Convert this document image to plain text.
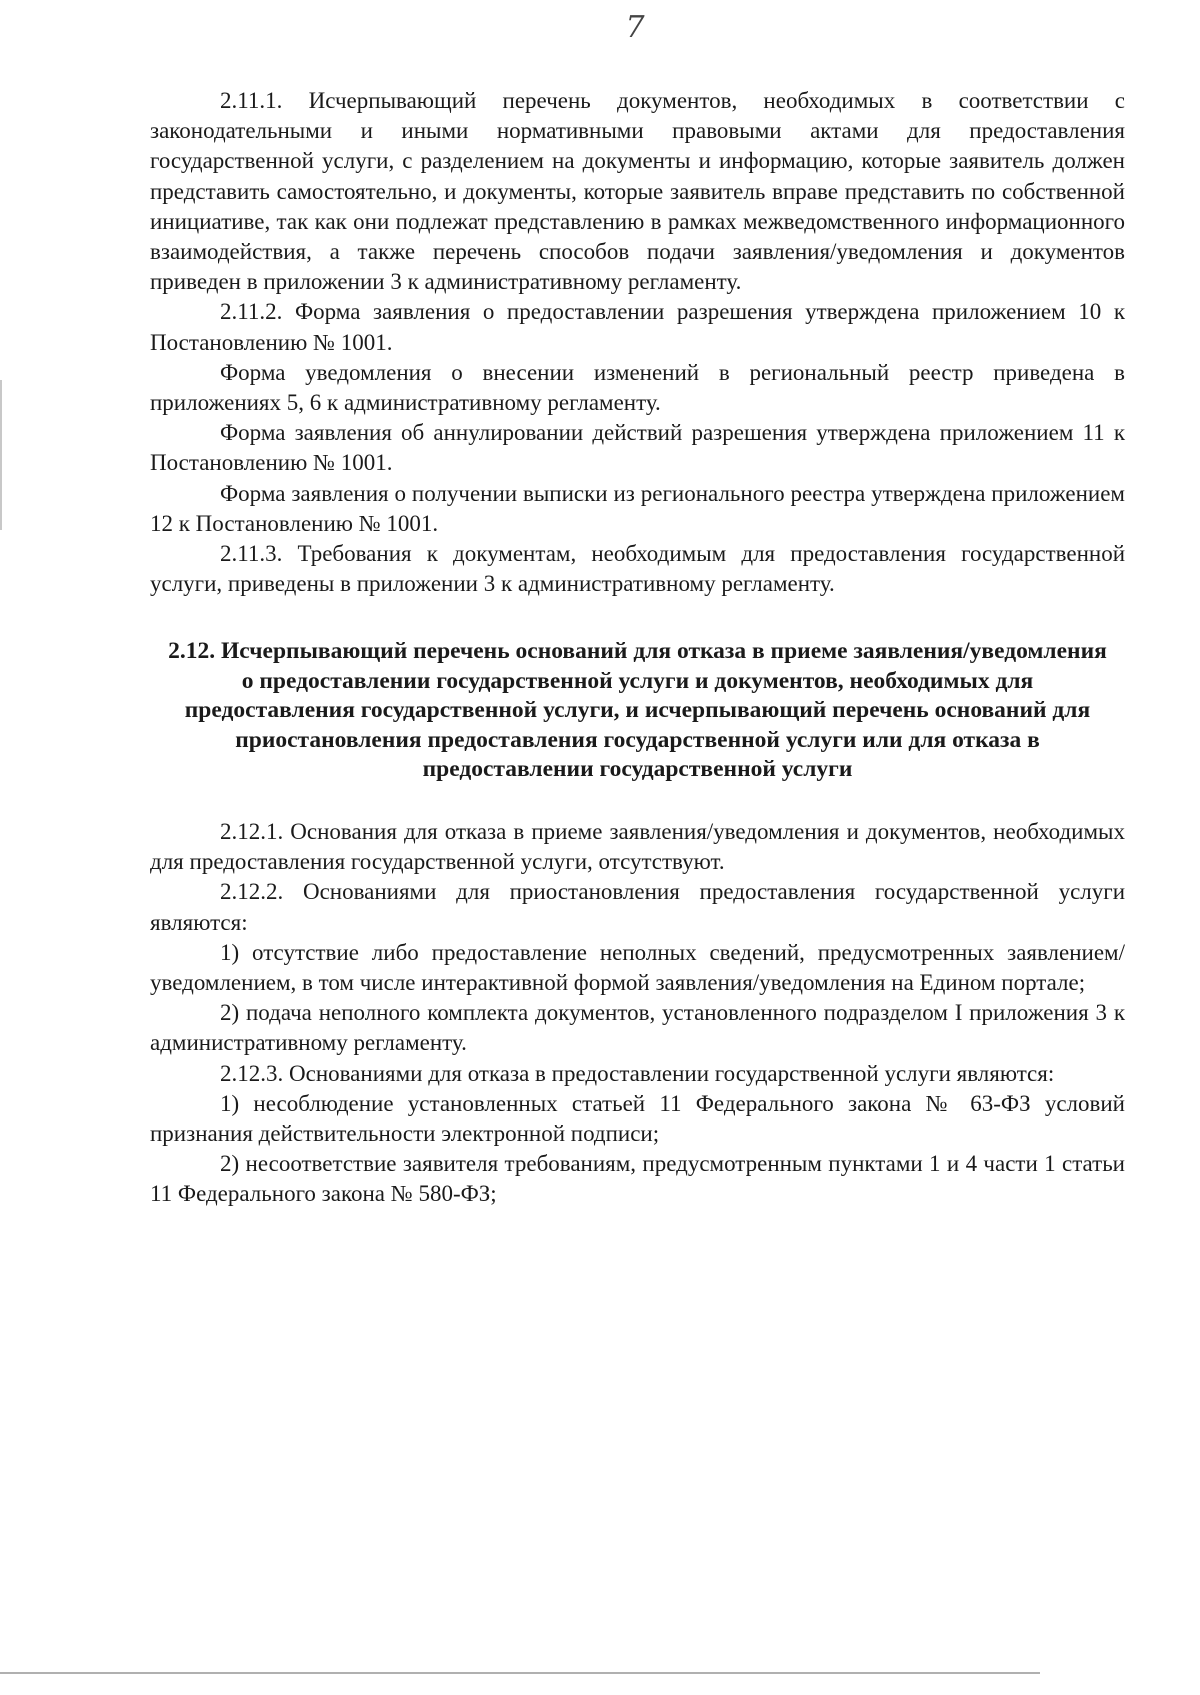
7

2.11.1. Исчерпывающий перечень документов, необходимых в соответствии с законодательными и иными нормативными правовыми актами для предоставления государственной услуги, с разделением на документы и информацию, которые заявитель должен представить самостоятельно, и документы, которые заявитель вправе представить по собственной инициативе, так как они подлежат представлению в рамках межведомственного информационного взаимодействия, а также перечень способов подачи заявления/уведомления и документов приведен в приложении 3 к административному регламенту.

2.11.2. Форма заявления о предоставлении разрешения утверждена приложением 10 к Постановлению № 1001.

Форма уведомления о внесении изменений в региональный реестр приведена в приложениях 5, 6 к административному регламенту.

Форма заявления об аннулировании действий разрешения утверждена приложением 11 к Постановлению № 1001.

Форма заявления о получении выписки из регионального реестра утверждена приложением 12 к Постановлению № 1001.

2.11.3. Требования к документам, необходимым для предоставления государственной услуги, приведены в приложении 3 к административному регламенту.

2.12. Исчерпывающий перечень оснований для отказа в приеме заявления/уведомления о предоставлении государственной услуги и документов, необходимых для предоставления государственной услуги, и исчерпывающий перечень оснований для приостановления предоставления государственной услуги или для отказа в предоставлении государственной услуги

2.12.1. Основания для отказа в приеме заявления/уведомления и документов, необходимых для предоставления государственной услуги, отсутствуют.

2.12.2. Основаниями для приостановления предоставления государственной услуги являются:

1) отсутствие либо предоставление неполных сведений, предусмотренных заявлением/уведомлением, в том числе интерактивной формой заявления/уведомления на Едином портале;

2) подача неполного комплекта документов, установленного подразделом I приложения 3 к административному регламенту.

2.12.3. Основаниями для отказа в предоставлении государственной услуги являются:

1) несоблюдение установленных статьей 11 Федерального закона № 63-ФЗ условий признания действительности электронной подписи;

2) несоответствие заявителя требованиям, предусмотренным пунктами 1 и 4 части 1 статьи 11 Федерального закона № 580-ФЗ;
